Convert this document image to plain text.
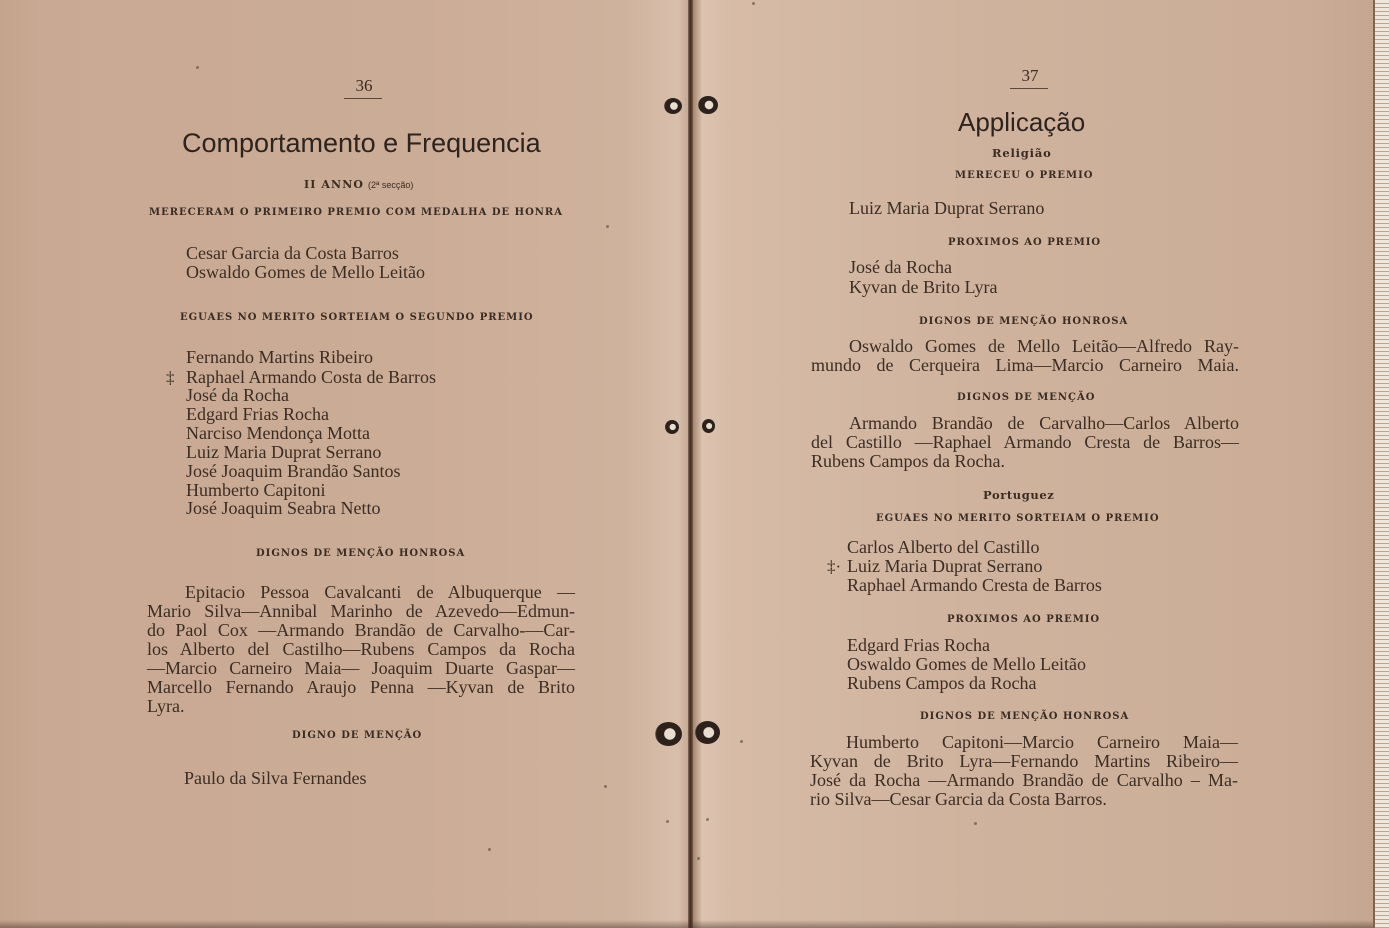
36
Comportamento e Frequencia
II ANNO (2ª secção)
MERECERAM O PRIMEIRO PREMIO COM MEDALHA DE HONRA
Cesar Garcia da Costa Barros
Oswaldo Gomes de Mello Leitão
EGUAES NO MERITO SORTEIAM O SEGUNDO PREMIO
Fernando Martins Ribeiro
‡ Raphael Armando Costa de Barros
José da Rocha
Edgard Frias Rocha
Narciso Mendonça Motta
Luiz Maria Duprat Serrano
José Joaquim Brandão Santos
Humberto Capitoni
José Joaquim Seabra Netto
DIGNOS DE MENÇÃO HONROSA
Epitacio Pessoa Cavalcanti de Albuquerque —
Mario Silva—Annibal Marinho de Azevedo—Edmun-
do Paol Cox —Armando Brandão de Carvalho-—Car-
los Alberto del Castilho—Rubens Campos da Rocha
—Marcio Carneiro Maia— Joaquim Duarte Gaspar—
Marcello Fernando Araujo Penna —Kyvan de Brito
Lyra.
DIGNO DE MENÇÃO
Paulo da Silva Fernandes
37
Applicação
Religião
MERECEU O PREMIO
Luiz Maria Duprat Serrano
PROXIMOS AO PREMIO
José da Rocha
Kyvan de Brito Lyra
DIGNOS DE MENÇÃO HONROSA
Oswaldo Gomes de Mello Leitão—Alfredo Ray-
mundo de Cerqueira Lima—Marcio Carneiro Maia.
DIGNOS DE MENÇÃO
Armando Brandão de Carvalho—Carlos Alberto
del Castillo —Raphael Armando Cresta de Barros—
Rubens Campos da Rocha.
Portuguez
EGUAES NO MERITO SORTEIAM O PREMIO
Carlos Alberto del Castillo
‡· Luiz Maria Duprat Serrano
Raphael Armando Cresta de Barros
PROXIMOS AO PREMIO
Edgard Frias Rocha
Oswaldo Gomes de Mello Leitão
Rubens Campos da Rocha
DIGNOS DE MENÇÃO HONROSA
Humberto Capitoni—Marcio Carneiro Maia—
Kyvan de Brito Lyra—Fernando Martins Ribeiro—
José da Rocha —Armando Brandão de Carvalho – Ma-
rio Silva—Cesar Garcia da Costa Barros.
